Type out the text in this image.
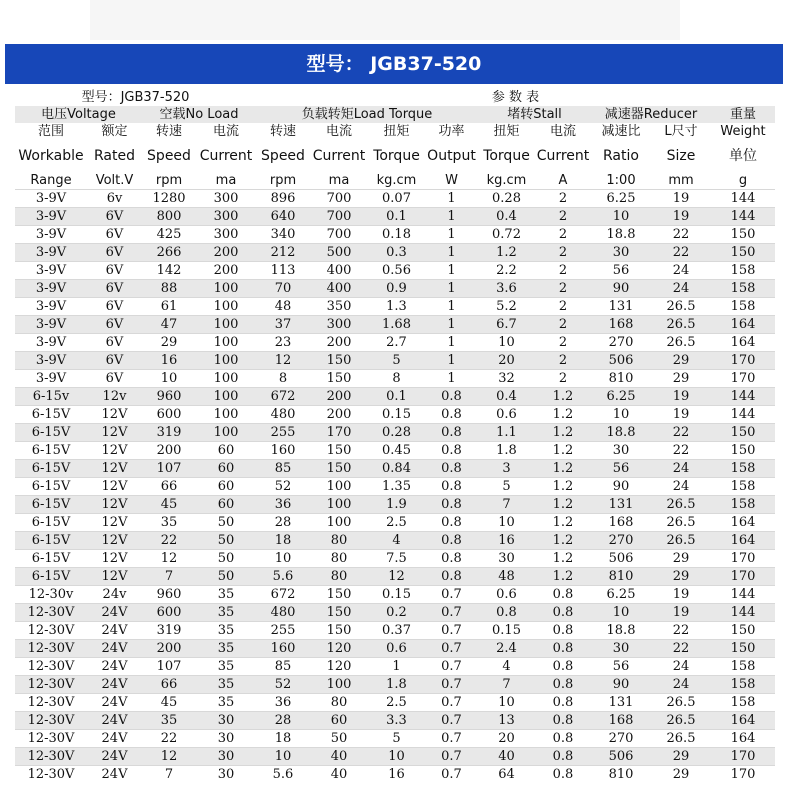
型号： JGB37-520
型号：JGB37-520				参 数 表								
电压Voltage		空载No Load		负载转矩Load Torque				堵转Stall		减速器Reducer		重量
范围	额定	转速	电流	转速	电流	扭矩	功率	扭矩	电流	减速比	L尺寸	Weight
Workable	Rated	Speed	Current	Speed	Current	Torque	Output	Torque	Current	Ratio	Size	单位
Range	Volt.V	rpm	ma	rpm	ma	kg.cm	W	kg.cm	A	1:00	mm	g
3-9V	6v	1280	300	896	700	0.07	1	0.28	2	6.25	19	144
3-9V	6V	800	300	640	700	0.1	1	0.4	2	10	19	144
3-9V	6V	425	300	340	700	0.18	1	0.72	2	18.8	22	150
3-9V	6V	266	200	212	500	0.3	1	1.2	2	30	22	150
3-9V	6V	142	200	113	400	0.56	1	2.2	2	56	24	158
3-9V	6V	88	100	70	400	0.9	1	3.6	2	90	24	158
3-9V	6V	61	100	48	350	1.3	1	5.2	2	131	26.5	158
3-9V	6V	47	100	37	300	1.68	1	6.7	2	168	26.5	164
3-9V	6V	29	100	23	200	2.7	1	10	2	270	26.5	164
3-9V	6V	16	100	12	150	5	1	20	2	506	29	170
3-9V	6V	10	100	8	150	8	1	32	2	810	29	170
6-15v	12v	960	100	672	200	0.1	0.8	0.4	1.2	6.25	19	144
6-15V	12V	600	100	480	200	0.15	0.8	0.6	1.2	10	19	144
6-15V	12V	319	100	255	170	0.28	0.8	1.1	1.2	18.8	22	150
6-15V	12V	200	60	160	150	0.45	0.8	1.8	1.2	30	22	150
6-15V	12V	107	60	85	150	0.84	0.8	3	1.2	56	24	158
6-15V	12V	66	60	52	100	1.35	0.8	5	1.2	90	24	158
6-15V	12V	45	60	36	100	1.9	0.8	7	1.2	131	26.5	158
6-15V	12V	35	50	28	100	2.5	0.8	10	1.2	168	26.5	164
6-15V	12V	22	50	18	80	4	0.8	16	1.2	270	26.5	164
6-15V	12V	12	50	10	80	7.5	0.8	30	1.2	506	29	170
6-15V	12V	7	50	5.6	80	12	0.8	48	1.2	810	29	170
12-30v	24v	960	35	672	150	0.15	0.7	0.6	0.8	6.25	19	144
12-30V	24V	600	35	480	150	0.2	0.7	0.8	0.8	10	19	144
12-30V	24V	319	35	255	150	0.37	0.7	0.15	0.8	18.8	22	150
12-30V	24V	200	35	160	120	0.6	0.7	2.4	0.8	30	22	150
12-30V	24V	107	35	85	120	1	0.7	4	0.8	56	24	158
12-30V	24V	66	35	52	100	1.8	0.7	7	0.8	90	24	158
12-30V	24V	45	35	36	80	2.5	0.7	10	0.8	131	26.5	158
12-30V	24V	35	30	28	60	3.3	0.7	13	0.8	168	26.5	164
12-30V	24V	22	30	18	50	5	0.7	20	0.8	270	26.5	164
12-30V	24V	12	30	10	40	10	0.7	40	0.8	506	29	170
12-30V	24V	7	30	5.6	40	16	0.7	64	0.8	810	29	170
